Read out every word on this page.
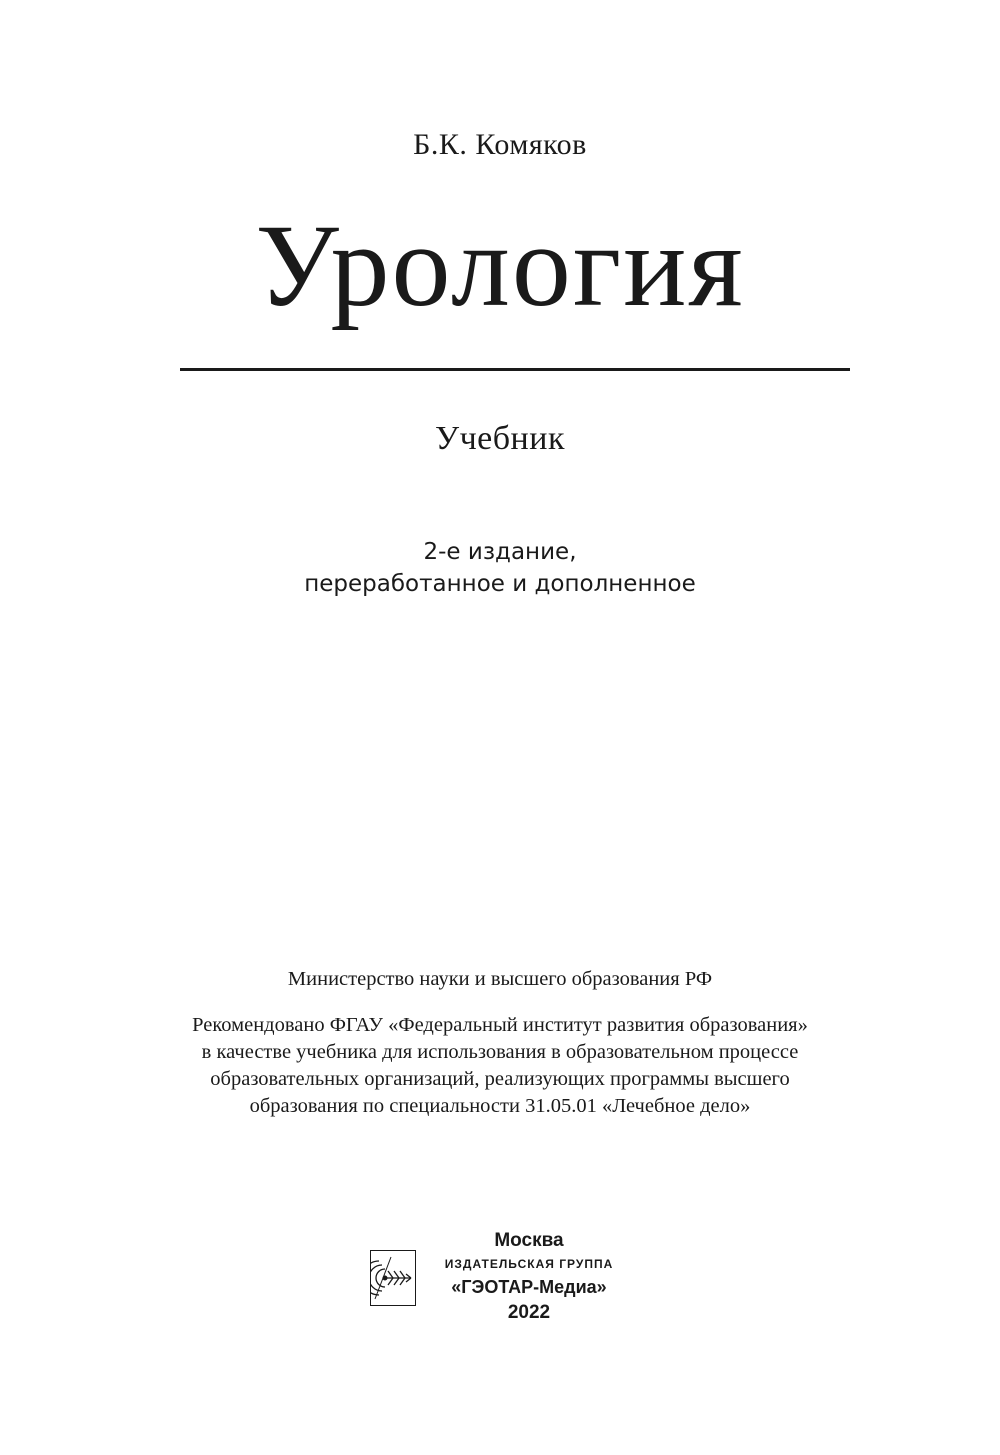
Б.К. Комяков
Урология
Учебник
2-е издание,
переработанное и дополненное
Министерство науки и высшего образования РФ
Рекомендовано ФГАУ «Федеральный институт развития образования»
в качестве учебника для использования в образовательном процессе
образовательных организаций, реализующих программы высшего
образования по специальности 31.05.01 «Лечебное дело»
Москва
ИЗДАТЕЛЬСКАЯ ГРУППА
«ГЭОТАР-Медиа»
2022
